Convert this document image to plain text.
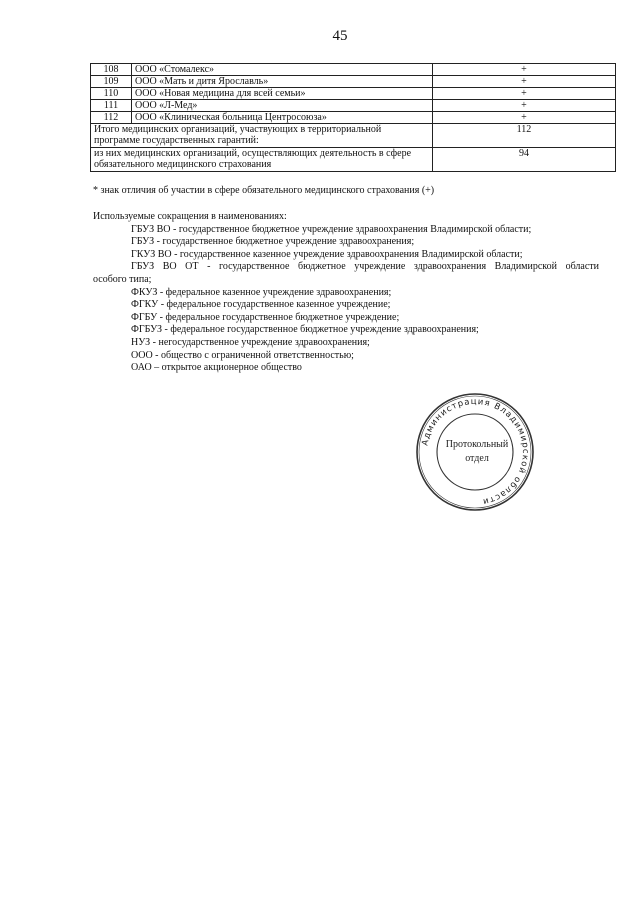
45
108	ООО «Стомалекс»	+
109	ООО «Мать и дитя Ярославль»	+
110	ООО «Новая медицина для всей семьи»	+
111	ООО «Л-Мед»	+
112	ООО «Клиническая больница Центросоюза»	+
Итого медицинских организаций, участвующих в территориальной программе государственных гарантий:		112
из них медицинских организаций, осуществляющих деятельность в сфере обязательного медицинского страхования		94
* знак отличия об участии в сфере обязательного медицинского страхования (+)
Используемые сокращения в наименованиях:
ГБУЗ ВО - государственное бюджетное учреждение здравоохранения Владимирской области;
ГБУЗ - государственное бюджетное учреждение здравоохранения;
ГКУЗ ВО - государственное казенное учреждение здравоохранения Владимирской области;
ГБУЗ ВО ОТ - государственное бюджетное учреждение здравоохранения Владимирской области
особого типа;
ФКУЗ - федеральное казенное учреждение здравоохранения;
ФГКУ - федеральное государственное казенное учреждение;
ФГБУ - федеральное государственное бюджетное учреждение;
ФГБУЗ - федеральное государственное бюджетное учреждение здравоохранения;
НУЗ - негосударственное учреждение здравоохранения;
ООО - общество с ограниченной ответственностью;
ОАО – открытое акционерное общество
Администрация Владимирской области
Протокольный
отдел
